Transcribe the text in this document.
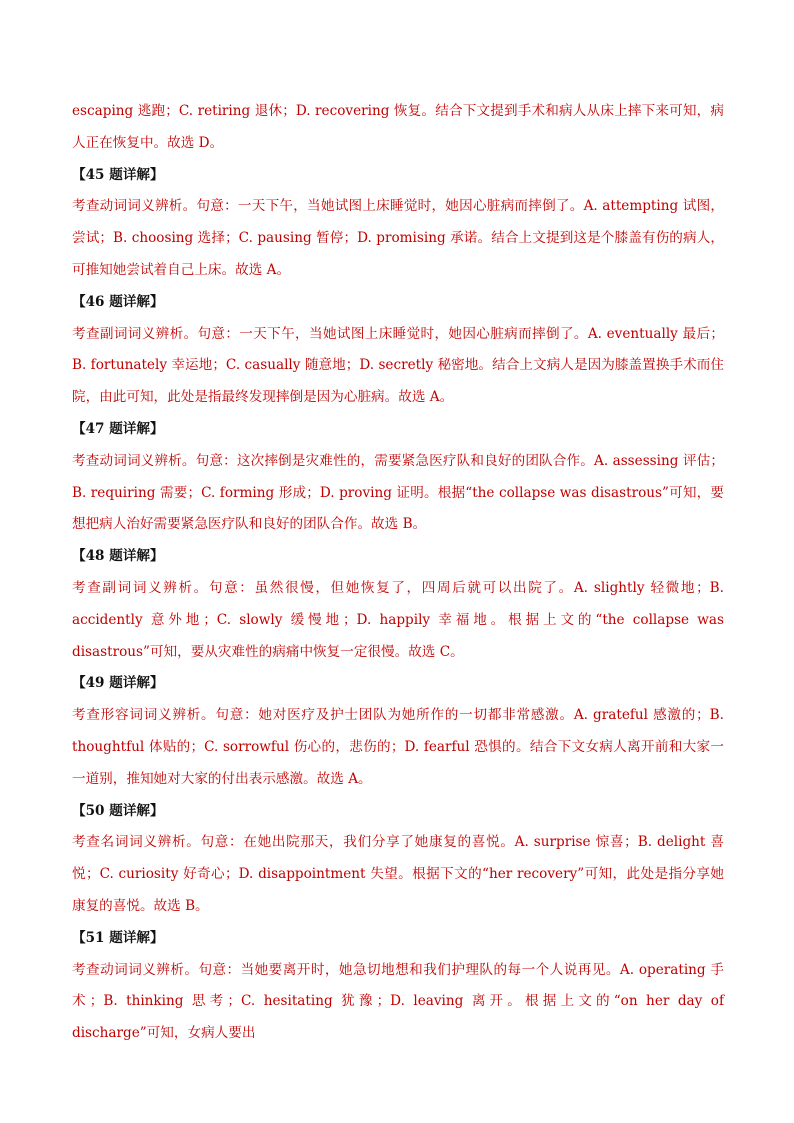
escaping 逃跑；C. retiring 退休；D. recovering 恢复。结合下文提到手术和病人从床上摔下来可知，病人正在恢复中。故选 D。

【45 题详解】

考查动词词义辨析。句意：一天下午，当她试图上床睡觉时，她因心脏病而摔倒了。A. attempting 试图，尝试；B. choosing 选择；C. pausing 暂停；D. promising 承诺。结合上文提到这是个膝盖有伤的病人，可推知她尝试着自己上床。故选 A。

【46 题详解】

考查副词词义辨析。句意：一天下午，当她试图上床睡觉时，她因心脏病而摔倒了。A. eventually 最后；B. fortunately 幸运地；C. casually 随意地；D. secretly 秘密地。结合上文病人是因为膝盖置换手术而住院，由此可知，此处是指最终发现摔倒是因为心脏病。故选 A。

【47 题详解】

考查动词词义辨析。句意：这次摔倒是灾难性的，需要紧急医疗队和良好的团队合作。A. assessing 评估；B. requiring 需要；C. forming 形成；D. proving 证明。根据“the collapse was disastrous”可知，要想把病人治好需要紧急医疗队和良好的团队合作。故选 B。

【48 题详解】

考查副词词义辨析。句意：虽然很慢，但她恢复了，四周后就可以出院了。A. slightly 轻微地；B. accidently 意外地；C. slowly 缓慢地；D. happily 幸福地。根据上文的“the collapse was disastrous”可知，要从灾难性的病痛中恢复一定很慢。故选 C。

【49 题详解】

考查形容词词义辨析。句意：她对医疗及护士团队为她所作的一切都非常感激。A. grateful 感激的；B. thoughtful 体贴的；C. sorrowful 伤心的，悲伤的；D. fearful 恐惧的。结合下文女病人离开前和大家一一道别，推知她对大家的付出表示感激。故选 A。

【50 题详解】

考查名词词义辨析。句意：在她出院那天，我们分享了她康复的喜悦。A. surprise 惊喜；B. delight 喜悦；C. curiosity 好奇心；D. disappointment 失望。根据下文的“her recovery”可知，此处是指分享她康复的喜悦。故选 B。

【51 题详解】

考查动词词义辨析。句意：当她要离开时，她急切地想和我们护理队的每一个人说再见。A. operating 手术；B. thinking 思考；C. hesitating 犹豫；D. leaving 离开。根据上文的“on her day of discharge”可知，女病人要出
